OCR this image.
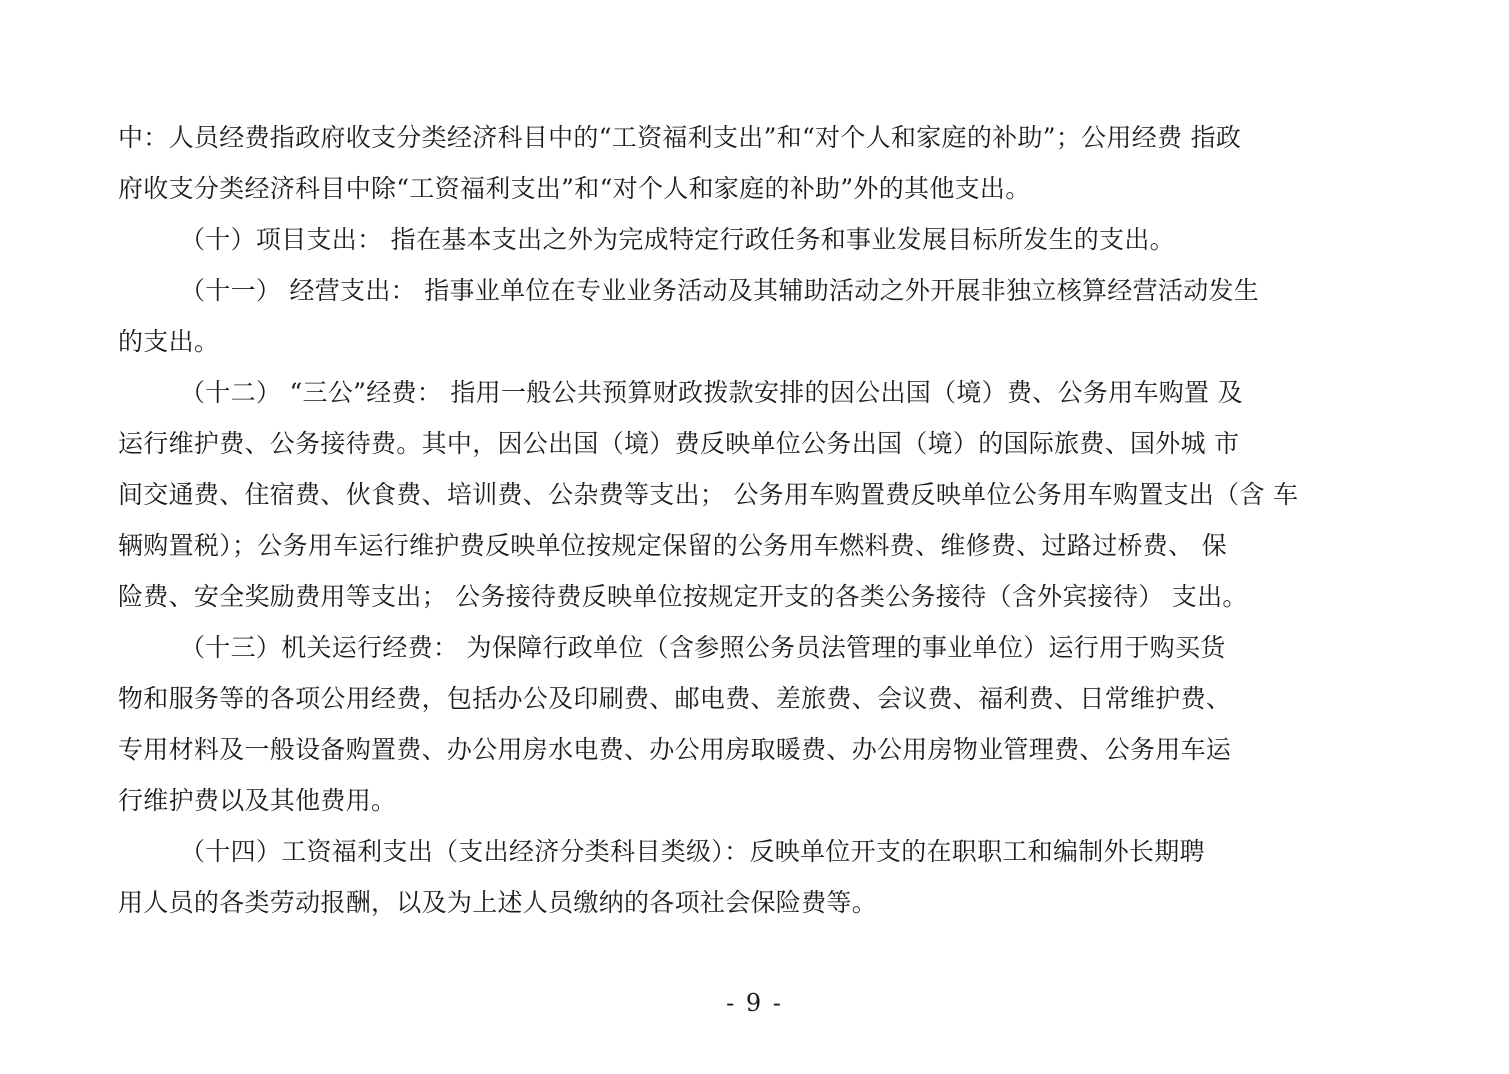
中：人员经费指政府收支分类经济科目中的“工资福利支出”和“对个人和家庭的补助”；公用经费 指政
府收支分类经济科目中除“工资福利支出”和“对个人和家庭的补助”外的其他支出。
（十）项目支出： 指在基本支出之外为完成特定行政任务和事业发展目标所发生的支出。
（十一） 经营支出： 指事业单位在专业业务活动及其辅助活动之外开展非独立核算经营活动发生
的支出。
（十二） “三公”经费： 指用一般公共预算财政拨款安排的因公出国（境）费、公务用车购置 及
运行维护费、公务接待费。其中，因公出国（境）费反映单位公务出国（境）的国际旅费、国外城 市
间交通费、住宿费、伙食费、培训费、公杂费等支出； 公务用车购置费反映单位公务用车购置支出（含 车
辆购置税）；公务用车运行维护费反映单位按规定保留的公务用车燃料费、维修费、过路过桥费、 保
险费、安全奖励费用等支出； 公务接待费反映单位按规定开支的各类公务接待（含外宾接待） 支出。
（十三）机关运行经费： 为保障行政单位（含参照公务员法管理的事业单位）运行用于购买货
物和服务等的各项公用经费，包括办公及印刷费、邮电费、差旅费、会议费、福利费、日常维护费、
专用材料及一般设备购置费、办公用房水电费、办公用房取暖费、办公用房物业管理费、公务用车运
行维护费以及其他费用。
（十四）工资福利支出（支出经济分类科目类级）：反映单位开支的在职职工和编制外长期聘
用人员的各类劳动报酬，以及为上述人员缴纳的各项社会保险费等。
- 9 -
